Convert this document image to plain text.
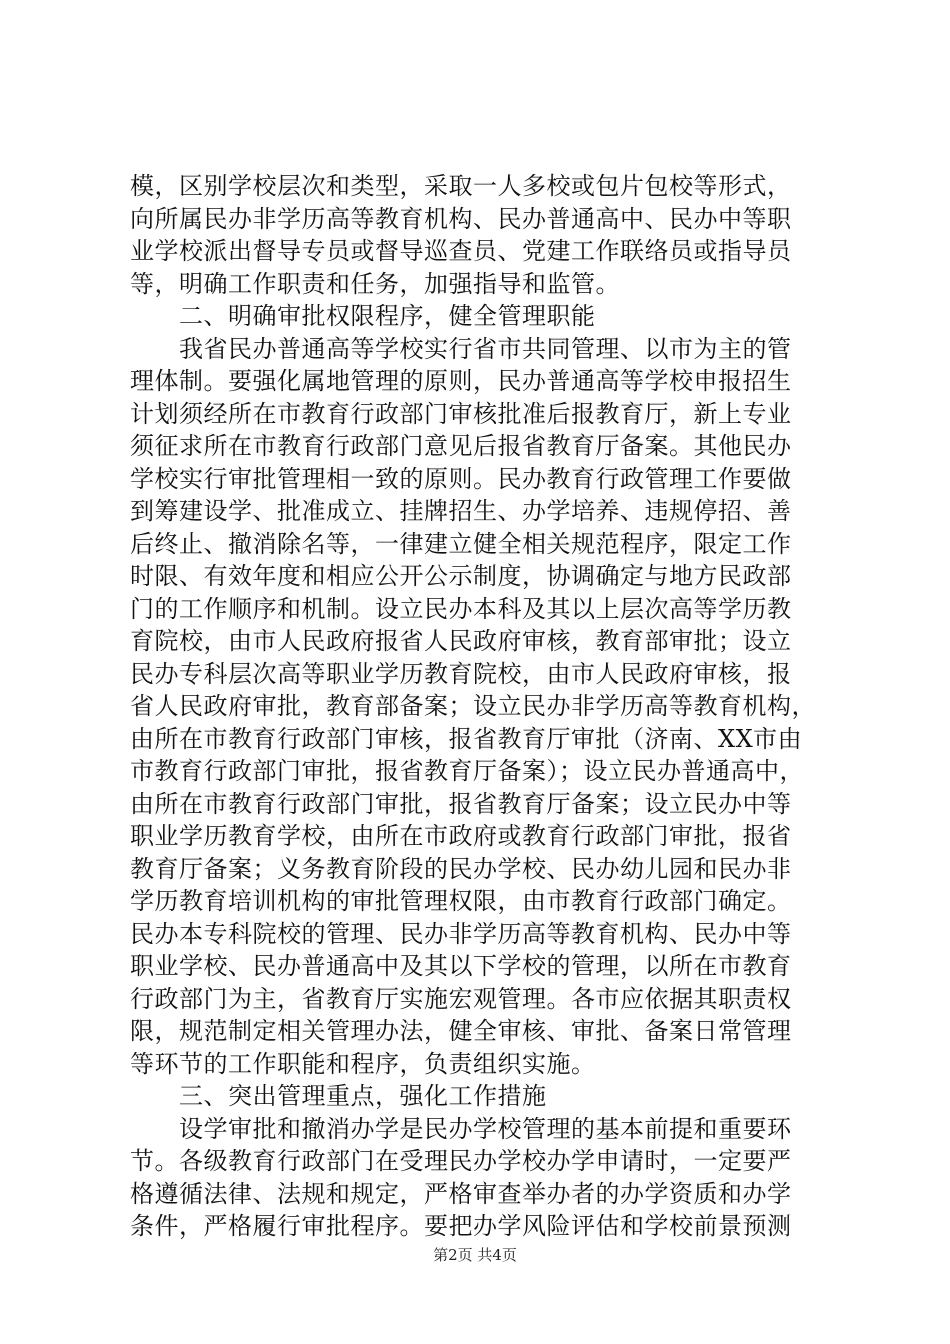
模，区别学校层次和类型，采取一人多校或包片包校等形式，
向所属民办非学历高等教育机构、民办普通高中、民办中等职
业学校派出督导专员或督导巡查员、党建工作联络员或指导员
等，明确工作职责和任务，加强指导和监管。
　　二、明确审批权限程序，健全管理职能
　　我省民办普通高等学校实行省市共同管理、以市为主的管
理体制。要强化属地管理的原则，民办普通高等学校申报招生
计划须经所在市教育行政部门审核批准后报教育厅，新上专业
须征求所在市教育行政部门意见后报省教育厅备案。其他民办
学校实行审批管理相一致的原则。民办教育行政管理工作要做
到筹建设学、批准成立、挂牌招生、办学培养、违规停招、善
后终止、撤消除名等，一律建立健全相关规范程序，限定工作
时限、有效年度和相应公开公示制度，协调确定与地方民政部
门的工作顺序和机制。设立民办本科及其以上层次高等学历教
育院校，由市人民政府报省人民政府审核，教育部审批；设立
民办专科层次高等职业学历教育院校，由市人民政府审核，报
省人民政府审批，教育部备案；设立民办非学历高等教育机构，
由所在市教育行政部门审核，报省教育厅审批（济南、XX市由
市教育行政部门审批，报省教育厅备案）；设立民办普通高中，
由所在市教育行政部门审批，报省教育厅备案；设立民办中等
职业学历教育学校，由所在市政府或教育行政部门审批，报省
教育厅备案；义务教育阶段的民办学校、民办幼儿园和民办非
学历教育培训机构的审批管理权限，由市教育行政部门确定。
民办本专科院校的管理、民办非学历高等教育机构、民办中等
职业学校、民办普通高中及其以下学校的管理，以所在市教育
行政部门为主，省教育厅实施宏观管理。各市应依据其职责权
限，规范制定相关管理办法，健全审核、审批、备案日常管理
等环节的工作职能和程序，负责组织实施。
　　三、突出管理重点，强化工作措施
　　设学审批和撤消办学是民办学校管理的基本前提和重要环
节。各级教育行政部门在受理民办学校办学申请时，一定要严
格遵循法律、法规和规定，严格审查举办者的办学资质和办学
条件，严格履行审批程序。要把办学风险评估和学校前景预测
第2页 共4页
